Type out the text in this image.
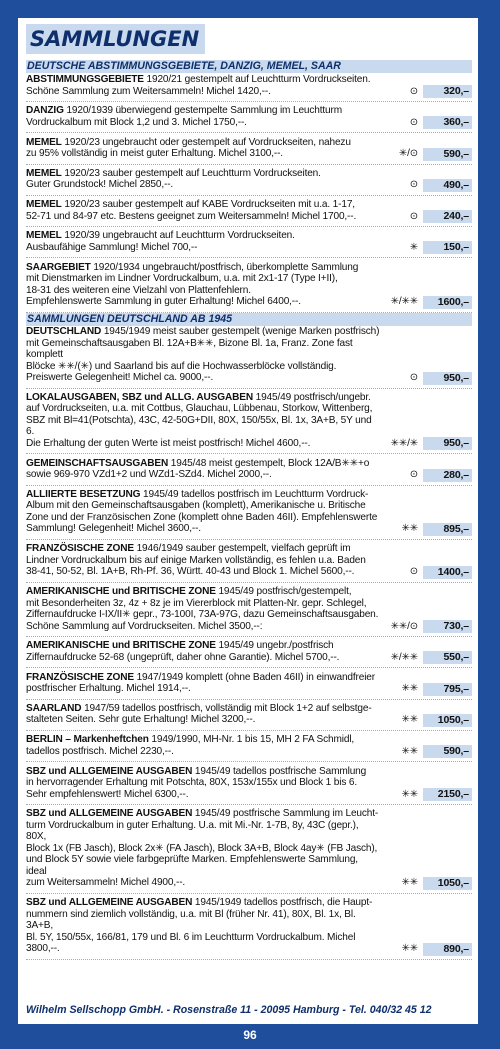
SAMMLUNGEN
DEUTSCHE ABSTIMMUNGSGEBIETE, DANZIG, MEMEL, SAAR
ABSTIMMUNGSGEBIETE 1920/21 gestempelt auf Leuchtturm Vordruckseiten.
Schöne Sammlung zum Weitersammeln! Michel 1420,--.	⊙	320,–
DANZIG 1920/1939 überwiegend gestempelte Sammlung im Leuchtturm
Vordruckalbum mit Block 1,2 und 3. Michel 1750,--.	⊙	360,–
MEMEL 1920/23 ungebraucht oder gestempelt auf Vordruckseiten, nahezu
zu 95% vollständig in meist guter Erhaltung. Michel 3100,--.	✳/⊙	590,–
MEMEL 1920/23 sauber gestempelt auf Leuchtturm Vordruckseiten.
Guter Grundstock! Michel 2850,--.	⊙	490,–
MEMEL 1920/23 sauber gestempelt auf KABE Vordruckseiten mit u.a. 1-17,
52-71 und 84-97 etc. Bestens geeignet zum Weitersammeln! Michel 1700,--.	⊙	240,–
MEMEL 1920/39 ungebraucht auf Leuchtturm Vordruckseiten.
Ausbaufähige Sammlung! Michel 700,--	✳	150,–
SAARGEBIET 1920/1934 ungebraucht/postfrisch, überkomplette Sammlung
mit Dienstmarken im Lindner Vordruckalbum, u.a. mit 2x1-17 (Type I+II),
18-31 des weiteren eine Vielzahl von Plattenfehlern.
Empfehlenswerte Sammlung in guter Erhaltung! Michel 6400,--.	✳/✳✳	1600,–
SAMMLUNGEN DEUTSCHLAND AB 1945
DEUTSCHLAND 1945/1949 meist sauber gestempelt (wenige Marken postfrisch)
mit Gemeinschaftsausgaben Bl. 12A+B✳✳, Bizone Bl. 1a, Franz. Zone fast komplett
Blöcke ✳✳/(✳) und Saarland bis auf die Hochwasserblöcke vollständig.
Preiswerte Gelegenheit! Michel ca. 9000,--.	⊙	950,–
LOKALAUSGABEN, SBZ und ALLG. AUSGABEN 1945/49 postfrisch/ungebr.
auf Vordruckseiten, u.a. mit Cottbus, Glauchau, Lübbenau, Storkow, Wittenberg,
SBZ mit Bl=41(Potschta), 43C, 42-50G+DII, 80X, 150/55x, Bl. 1x, 3A+B, 5Y und 6.
Die Erhaltung der guten Werte ist meist postfrisch! Michel 4600,--.	✳✳/✳	950,–
GEMEINSCHAFTSAUSGABEN 1945/48 meist gestempelt, Block 12A/B✳✳+o
sowie 969-970 VZd1+2 und WZd1-SZd4. Michel 2000,--.	⊙	280,–
ALLIIERTE BESETZUNG 1945/49 tadellos postfrisch im Leuchtturm Vordruck-
Album mit den Gemeinschaftsausgaben (komplett), Amerikanische u. Britische
Zone und der Französischen Zone (komplett ohne Baden 46II). Empfehlenswerte
Sammlung! Gelegenheit! Michel 3600,--.	✳✳	895,–
FRANZÖSISCHE ZONE 1946/1949 sauber gestempelt, vielfach geprüft im
Lindner Vordruckalbum bis auf einige Marken vollständig, es fehlen u.a. Baden
38-41, 50-52, Bl. 1A+B, Rh-Pf. 36, Württ. 40-43 und Block 1. Michel 5600,--.	⊙	1400,–
AMERIKANISCHE und BRITISCHE ZONE 1945/49 postfrisch/gestempelt,
mit Besonderheiten 3z, 4z + 8z je im Viererblock mit Platten-Nr. gepr. Schlegel,
Ziffernaufdrucke I-IX/II✳ gepr., 73-100I, 73A-97G, dazu Gemeinschaftsausgaben.
Schöne Sammlung auf Vordruckseiten. Michel 3500,--:	✳✳/⊙	730,–
AMERIKANISCHE und BRITISCHE ZONE 1945/49 ungebr./postfrisch
Ziffernaufdrucke 52-68 (ungeprüft, daher ohne Garantie). Michel 5700,--.	✳/✳✳	550,–
FRANZÖSISCHE ZONE 1947/1949 komplett (ohne Baden 46II) in einwandfreier
postfrischer Erhaltung. Michel 1914,--.	✳✳	795,–
SAARLAND 1947/59 tadellos postfrisch, vollständig mit Block 1+2 auf selbstge-
stalteten Seiten. Sehr gute Erhaltung! Michel 3200,--.	✳✳	1050,–
BERLIN – Markenheftchen 1949/1990, MH-Nr. 1 bis 15, MH 2 FA Schmidl,
tadellos postfrisch. Michel 2230,--.	✳✳	590,–
SBZ und ALLGEMEINE AUSGABEN 1945/49 tadellos postfrische Sammlung
in hervorragender Erhaltung mit Potschta, 80X, 153x/155x und Block 1 bis 6.
Sehr empfehlenswert! Michel 6300,--.	✳✳	2150,–
SBZ und ALLGEMEINE AUSGABEN 1945/49 postfrische Sammlung im Leucht-
turm Vordruckalbum in guter Erhaltung. U.a. mit Mi.-Nr. 1-7B, 8y, 43C (gepr.), 80X,
Block 1x (FB Jasch), Block 2x✳ (FA Jasch), Block 3A+B, Block 4ay✳ (FB Jasch),
und Block 5Y sowie viele farbgeprüfte Marken. Empfehlenswerte Sammlung, ideal
zum Weitersammeln! Michel 4900,--.	✳✳	1050,–
SBZ und ALLGEMEINE AUSGABEN 1945/1949 tadellos postfrisch, die Haupt-
nummern sind ziemlich vollständig, u.a. mit Bl (früher Nr. 41), 80X, Bl. 1x, Bl. 3A+B,
Bl. 5Y, 150/55x, 166/81, 179 und Bl. 6 im Leuchtturm Vordruckalbum. Michel 3800,--.	✳✳	890,–
Wilhelm Sellschopp GmbH. - Rosenstraße 11 - 20095 Hamburg - Tel. 040/32 45 12
96
